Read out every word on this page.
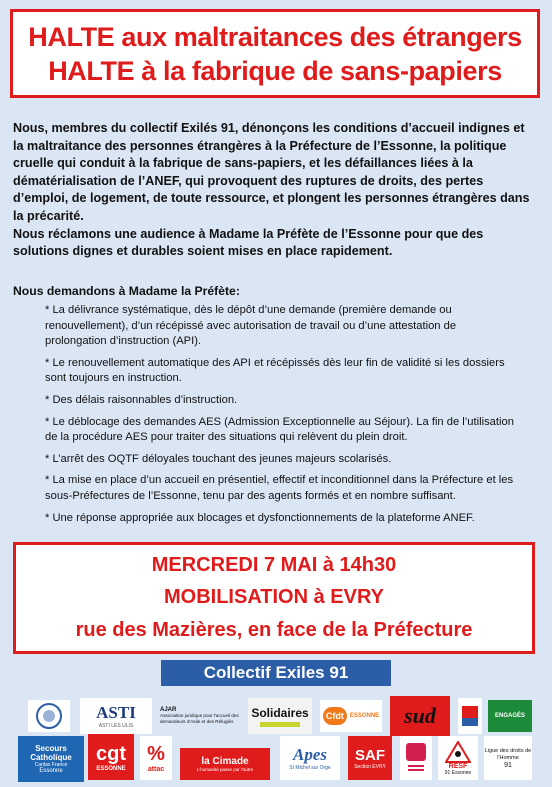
HALTE aux maltraitances des étrangers
HALTE à la fabrique de sans-papiers

Nous, membres du collectif Exilés 91, dénonçons les conditions d’accueil indignes et la maltraitance des personnes étrangères à la Préfecture de l’Essonne, la politique cruelle qui conduit à la fabrique de sans-papiers, et les défaillances liées à la dématérialisation de l’ANEF, qui provoquent des ruptures de droits, des pertes d’emploi, de logement, de toute ressource, et plongent les personnes étrangères dans la précarité.

Nous réclamons une audience à Madame la Préfète de l’Essonne pour que des solutions dignes et durables soient mises en place rapidement.

Nous demandons à Madame la Préfète:
* La délivrance systématique, dès le dépôt d’une demande (première demande ou renouvellement), d’un récépissé avec autorisation de travail ou d’une attestation de prolongation d’instruction (API).
* Le renouvellement automatique des API et récépissés dès leur fin de validité si les dossiers sont toujours en instruction.
* Des délais raisonnables d’instruction.
* Le déblocage des demandes AES (Admission Exceptionnelle au Séjour). La fin de l’utilisation de la procédure AES pour traiter des situations qui relèvent du plein droit.
* L’arrêt des OQTF déloyales touchant des jeunes majeurs scolarisés.
* La mise en place d’un accueil en présentiel, effectif et inconditionnel dans la Préfecture et les sous-Préfectures de l’Essonne, tenu par des agents formés et en nombre suffisant.
* Une réponse appropriée aux blocages et dysfonctionnements de la plateforme ANEF.
MERCREDI 7 MAI à 14h30
MOBILISATION à EVRY
rue des Mazières, en face de la Préfecture
Collectif Exiles 91
ASTI
ASTI LES ULIS
AJAR
Association juridique pour l'accueil des demandeurs d'Asile et des Réfugiés
Solidaires	Cfdt	ESSONNE sud	ENGAGÉS
Secours Catholique
Caritas France
Essonne
cgt
ESSONNE
%
attac
la Cimade
L'humanité passe par l'autre
Apes
St Michel sur Orge
SAF
Section EVRY	RESF
91 Essonne
Ligue des droits de l'Homme
91
